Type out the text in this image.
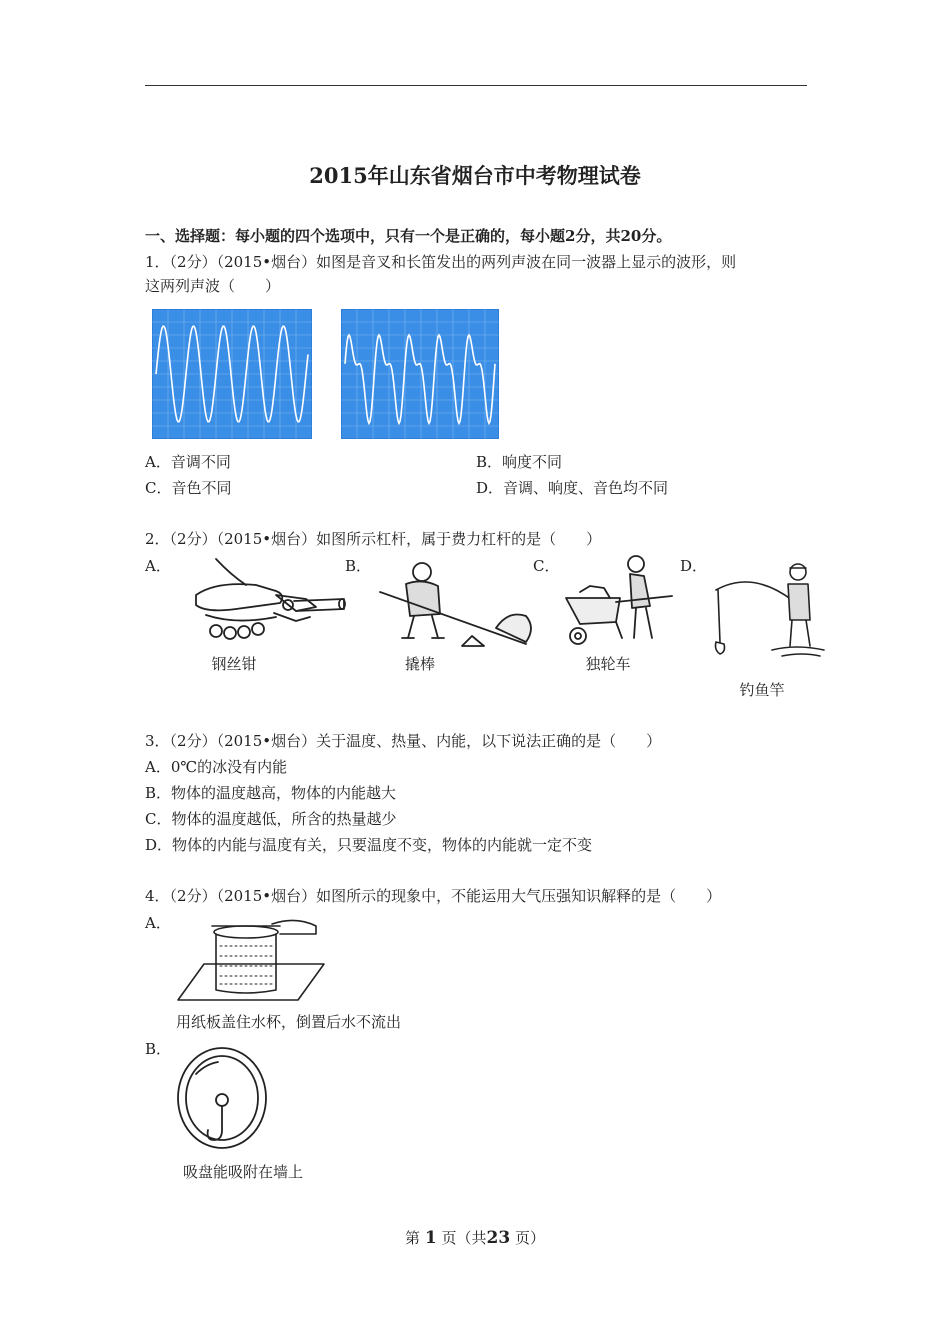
2015年山东省烟台市中考物理试卷
一、选择题：每小题的四个选项中，只有一个是正确的，每小题2分，共20分。
1．（2分）（2015•烟台）如图是音叉和长笛发出的两列声波在同一波器上显示的波形，则
这两列声波（　　）
A．音调不同	B．响度不同
C．音色不同	D．音调、响度、音色均不同
2．（2分）（2015•烟台）如图所示杠杆，属于费力杠杆的是（　　）
A．	B．	C．	D．
钢丝钳	撬棒	独轮车
钓鱼竿
3．（2分）（2015•烟台）关于温度、热量、内能，以下说法正确的是（　　）
A．0℃的冰没有内能
B．物体的温度越高，物体的内能越大
C．物体的温度越低，所含的热量越少
D．物体的内能与温度有关，只要温度不变，物体的内能就一定不变
4．（2分）（2015•烟台）如图所示的现象中，不能运用大气压强知识解释的是（　　）
A．
用纸板盖住水杯，倒置后水不流出
B．
吸盘能吸附在墙上
第 1 页（共23 页）
